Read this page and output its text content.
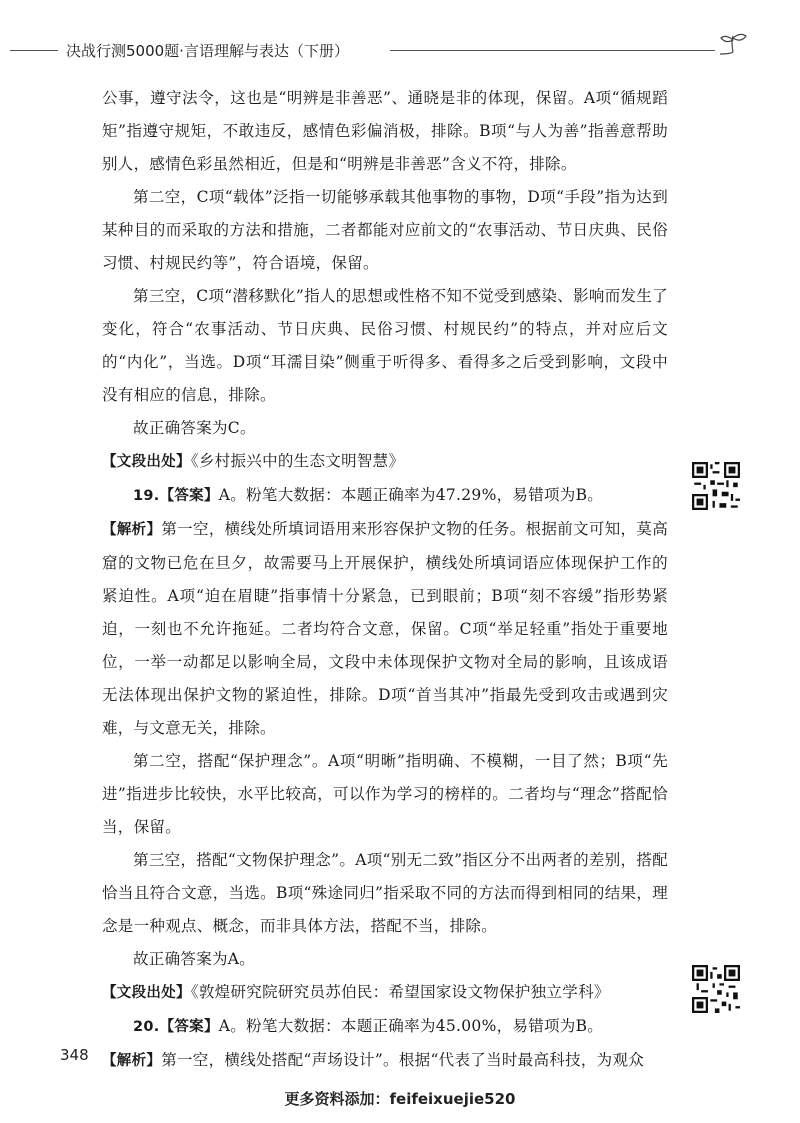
决战行测5000题·言语理解与表达（下册）

公事，遵守法令，这也是“明辨是非善恶”、通晓是非的体现，保留。A项“循规蹈矩”指遵守规矩，不敢违反，感情色彩偏消极，排除。B项“与人为善”指善意帮助别人，感情色彩虽然相近，但是和“明辨是非善恶”含义不符，排除。

第二空，C项“载体”泛指一切能够承载其他事物的事物，D项“手段”指为达到某种目的而采取的方法和措施，二者都能对应前文的“农事活动、节日庆典、民俗习惯、村规民约等”，符合语境，保留。

第三空，C项“潜移默化”指人的思想或性格不知不觉受到感染、影响而发生了变化，符合“农事活动、节日庆典、民俗习惯、村规民约”的特点，并对应后文的“内化”，当选。D项“耳濡目染”侧重于听得多、看得多之后受到影响，文段中没有相应的信息，排除。

故正确答案为C。

【文段出处】《乡村振兴中的生态文明智慧》

19.【答案】A。粉笔大数据：本题正确率为47.29%，易错项为B。

【解析】第一空，横线处所填词语用来形容保护文物的任务。根据前文可知，莫高窟的文物已危在旦夕，故需要马上开展保护，横线处所填词语应体现保护工作的紧迫性。A项“迫在眉睫”指事情十分紧急，已到眼前；B项“刻不容缓”指形势紧迫，一刻也不允许拖延。二者均符合文意，保留。C项“举足轻重”指处于重要地位，一举一动都足以影响全局，文段中未体现保护文物对全局的影响，且该成语无法体现出保护文物的紧迫性，排除。D项“首当其冲”指最先受到攻击或遇到灾难，与文意无关，排除。

第二空，搭配“保护理念”。A项“明晰”指明确、不模糊，一目了然；B项“先进”指进步比较快，水平比较高，可以作为学习的榜样的。二者均与“理念”搭配恰当，保留。

第三空，搭配“文物保护理念”。A项“别无二致”指区分不出两者的差别，搭配恰当且符合文意，当选。B项“殊途同归”指采取不同的方法而得到相同的结果，理念是一种观点、概念，而非具体方法，搭配不当，排除。

故正确答案为A。

【文段出处】《敦煌研究院研究员苏伯民：希望国家设文物保护独立学科》

20.【答案】A。粉笔大数据：本题正确率为45.00%，易错项为B。

【解析】第一空，横线处搭配“声场设计”。根据“代表了当时最高科技，为观众

348
更多资料添加：feifeixuejie520
